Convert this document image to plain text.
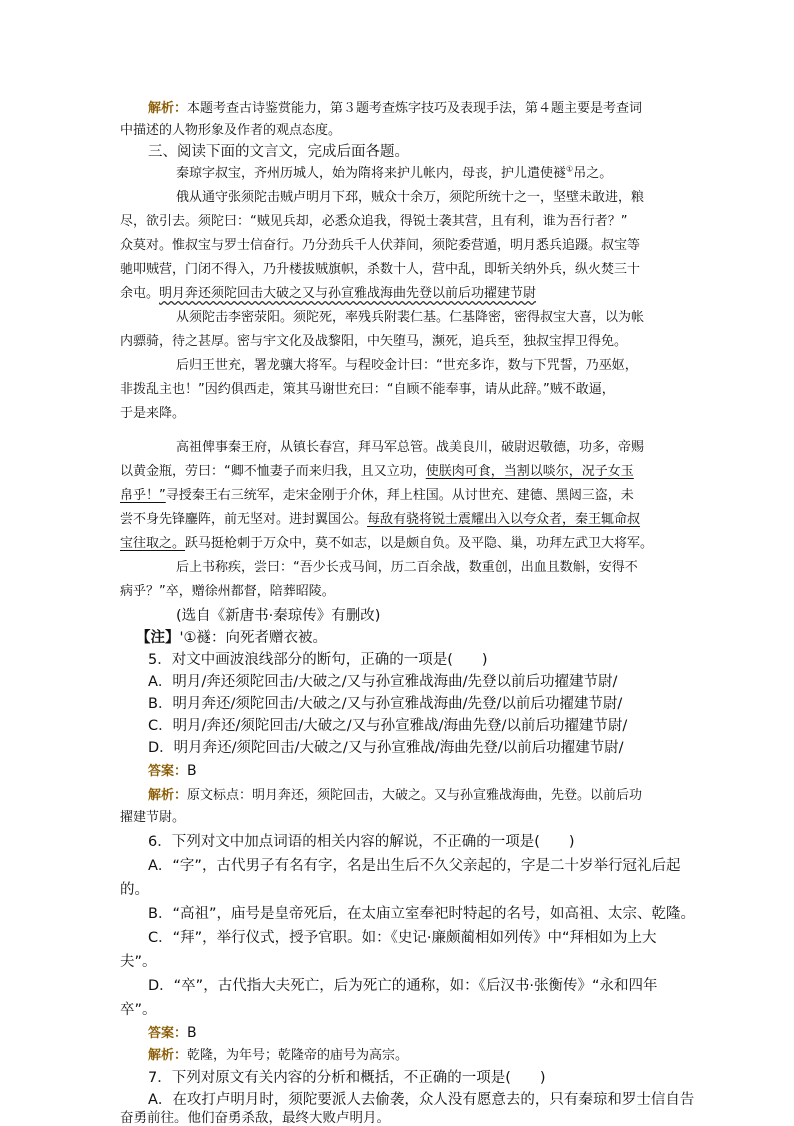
解析：本题考查古诗鉴赏能力，第３题考查炼字技巧及表现手法，第４题主要是考查词
中描述的人物形象及作者的观点态度。
三、阅读下面的文言文，完成后面各题。
秦琼字叔宝，齐州历城人，始为隋将来护儿帐内，母丧，护儿遣使襚①吊之。
俄从通守张须陀击贼卢明月下邳，贼众十余万，须陀所统十之一，坚壁未敢进，粮
尽，欲引去。须陀曰：“贼见兵却，必悉众追我，得锐士袭其营，且有利，谁为吾行者？”
众莫对。惟叔宝与罗士信奋行。乃分劲兵千人伏莽间，须陀委营遁，明月悉兵追蹑。叔宝等
驰叩贼营，门闭不得入，乃升楼拔贼旗帜，杀数十人，营中乱，即斩关纳外兵，纵火焚三十
余屯。明月奔还须陀回击大破之又与孙宣雅战海曲先登以前后功擢建节尉
从须陀击李密荥阳。须陀死，率残兵附裴仁基。仁基降密，密得叔宝大喜，以为帐
内骠骑，待之甚厚。密与宇文化及战黎阳，中矢堕马，濒死，追兵至，独叔宝捍卫得免。
后归王世充，署龙骧大将军。与程咬金计曰：“世充多诈，数与下咒誓，乃巫妪，
非拨乱主也！”因约俱西走，策其马谢世充曰：“自顾不能奉事，请从此辞。”贼不敢逼，
于是来降。
高祖俾事秦王府，从镇长春宫，拜马军总管。战美良川，破尉迟敬德，功多，帝赐
以黄金瓶，劳曰：“卿不恤妻子而来归我，且又立功，使朕肉可食，当割以啖尔，况子女玉
帛乎！”寻授秦王右三统军，走宋金刚于介休，拜上柱国。从讨世充、建德、黑闼三盗，未
尝不身先锋鏖阵，前无坚对。进封翼国公。每敌有骁将锐士震耀出入以夸众者，秦王辄命叔
宝往取之。跃马挺枪刺于万众中，莫不如志，以是颇自负。及平隐、巢，功拜左武卫大将军。
后上书称疾，尝曰：“吾少长戎马间，历二百余战，数重创，出血且数斛，安得不
病乎？”卒，赠徐州都督，陪葬昭陵。
(选自《新唐书·秦琼传》有删改)
【注】'①襚：向死者赠衣被。
5．对文中画波浪线部分的断句，正确的一项是(　　)
A．明月/奔还须陀回击/大破之/又与孙宣雅战海曲/先登以前后功擢建节尉/
B．明月奔还/须陀回击/大破之/又与孙宣雅战海曲/先登/以前后功擢建节尉/
C．明月/奔还/须陀回击/大破之/又与孙宣雅战/海曲先登/以前后功擢建节尉/
D．明月奔还/须陀回击/大破之/又与孙宣雅战/海曲先登/以前后功擢建节尉/
答案：B
解析：原文标点：明月奔还，须陀回击，大破之。又与孙宣雅战海曲，先登。以前后功
擢建节尉。
6．下列对文中加点词语的相关内容的解说，不正确的一项是(　　)
A．“字”，古代男子有名有字，名是出生后不久父亲起的，字是二十岁举行冠礼后起
的。
B．“高祖”，庙号是皇帝死后，在太庙立室奉祀时特起的名号，如高祖、太宗、乾隆。
C．“拜”，举行仪式，授予官职。如：《史记·廉颇蔺相如列传》中“拜相如为上大
夫”。
D．“卒”，古代指大夫死亡，后为死亡的通称，如：《后汉书·张衡传》“永和四年
卒”。
答案：B
解析：乾隆，为年号；乾隆帝的庙号为高宗。
7．下列对原文有关内容的分析和概括，不正确的一项是(　　)
A．在攻打卢明月时，须陀要派人去偷袭，众人没有愿意去的，只有秦琼和罗士信自告
奋勇前往。他们奋勇杀敌，最终大败卢明月。
